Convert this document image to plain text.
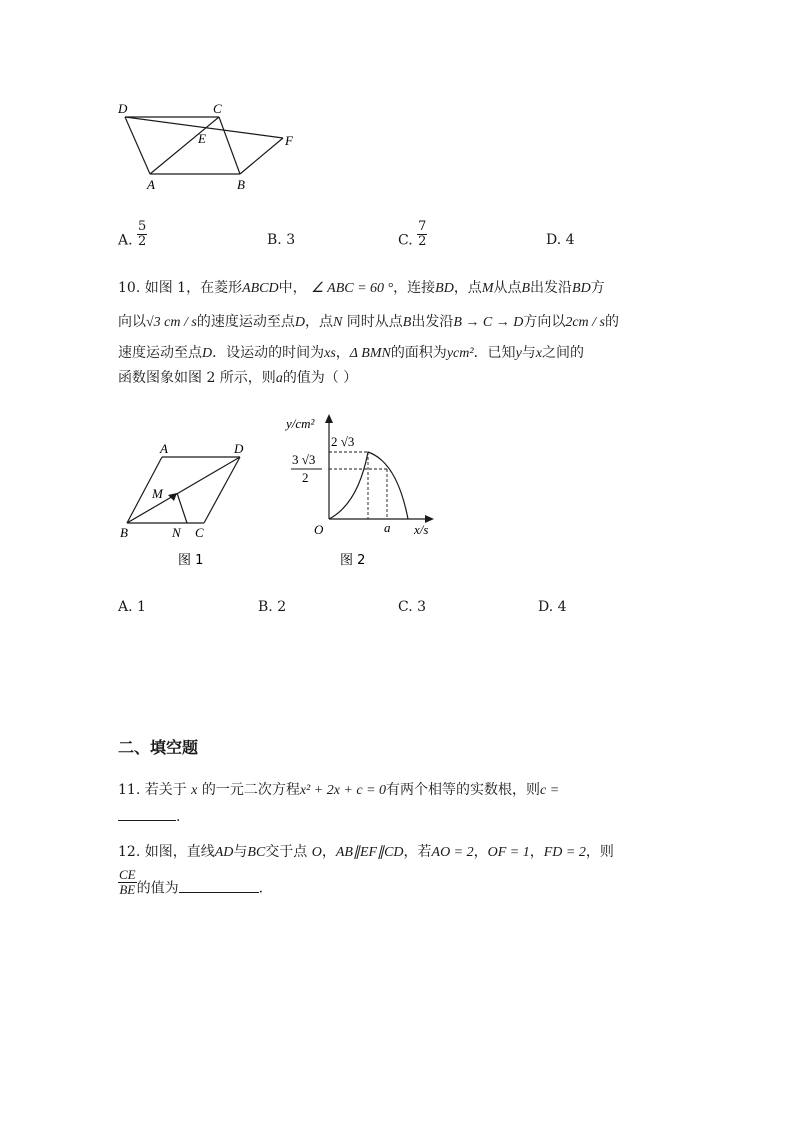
D	C
E	F
A	B
A. $\frac{5}{2}$	B. 3	C. $\frac{7}{2}$	D. 4
10. 如图 1，在菱形ABCD中， ∠ ABC = 60 °，连接BD，点M从点B出发沿BD方
向以√3 cm / s的速度运动至点D，点N 同时从点B出发沿B → C → D方向以2cm / s的
速度运动至点D．设运动的时间为xs，Δ BMN的面积为ycm²．已知y与x之间的
函数图象如图 2 所示，则a的值为（ ）
A	D
M
B	N C
图 1
y/cm²
2 √3
3 √3
2
O	a x/s
图 2
A. 1	B. 2	C. 3	D. 4
二、填空题
11. 若关于 x 的一元二次方程x² + 2x + c = 0有两个相等的实数根，则c =
.
12. 如图，直线AD与BC交于点 O，AB∥EF∥CD，若AO = 2，OF = 1，FD = 2，则
$\frac{CE}{BE}$ 的值为	.
